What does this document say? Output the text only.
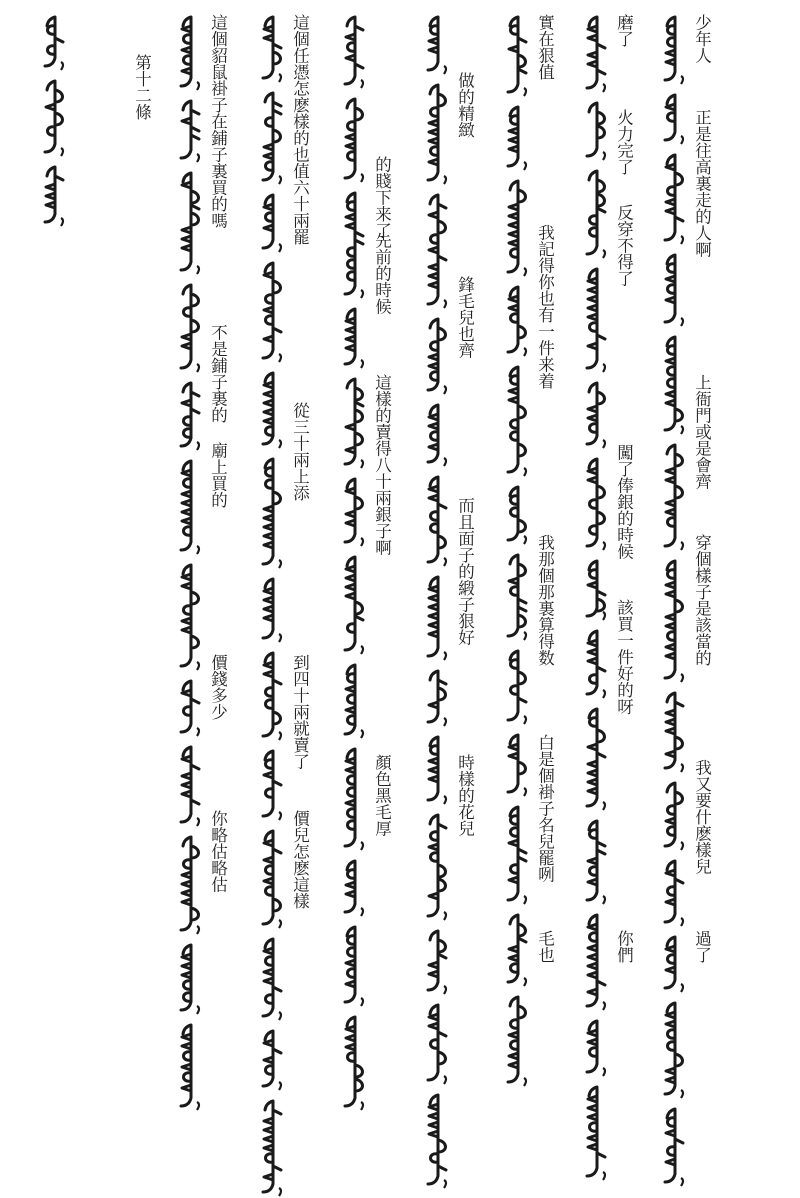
少年人
正是往高裏走的人啊
上衙門或是會齊
穿個樣子是該當的
我又要什麽樣兒
過了
磨了
火力完了
反穿不得了
闖了俸銀的時候
該買一件好的呀
你們
實在狠值
我記得你也有一件来着
我那個那裏算得数
白是個褂子名兒罷咧
毛也
做的精緻
鋒毛兒也齊
而且面子的緞子狠好
時樣的花兒
的賤下来了
先前的時候
這樣的賣得八十兩銀子啊
顏色黑毛厚
這個任憑怎麽樣的也值六十兩罷
從三十兩上添
到四十兩就賣了
價兒怎麽這樣
這個貂鼠褂子在鋪子裏買的嗎
不是鋪子裏的
廟上買的
價錢多少
你略估略估
第十二條
